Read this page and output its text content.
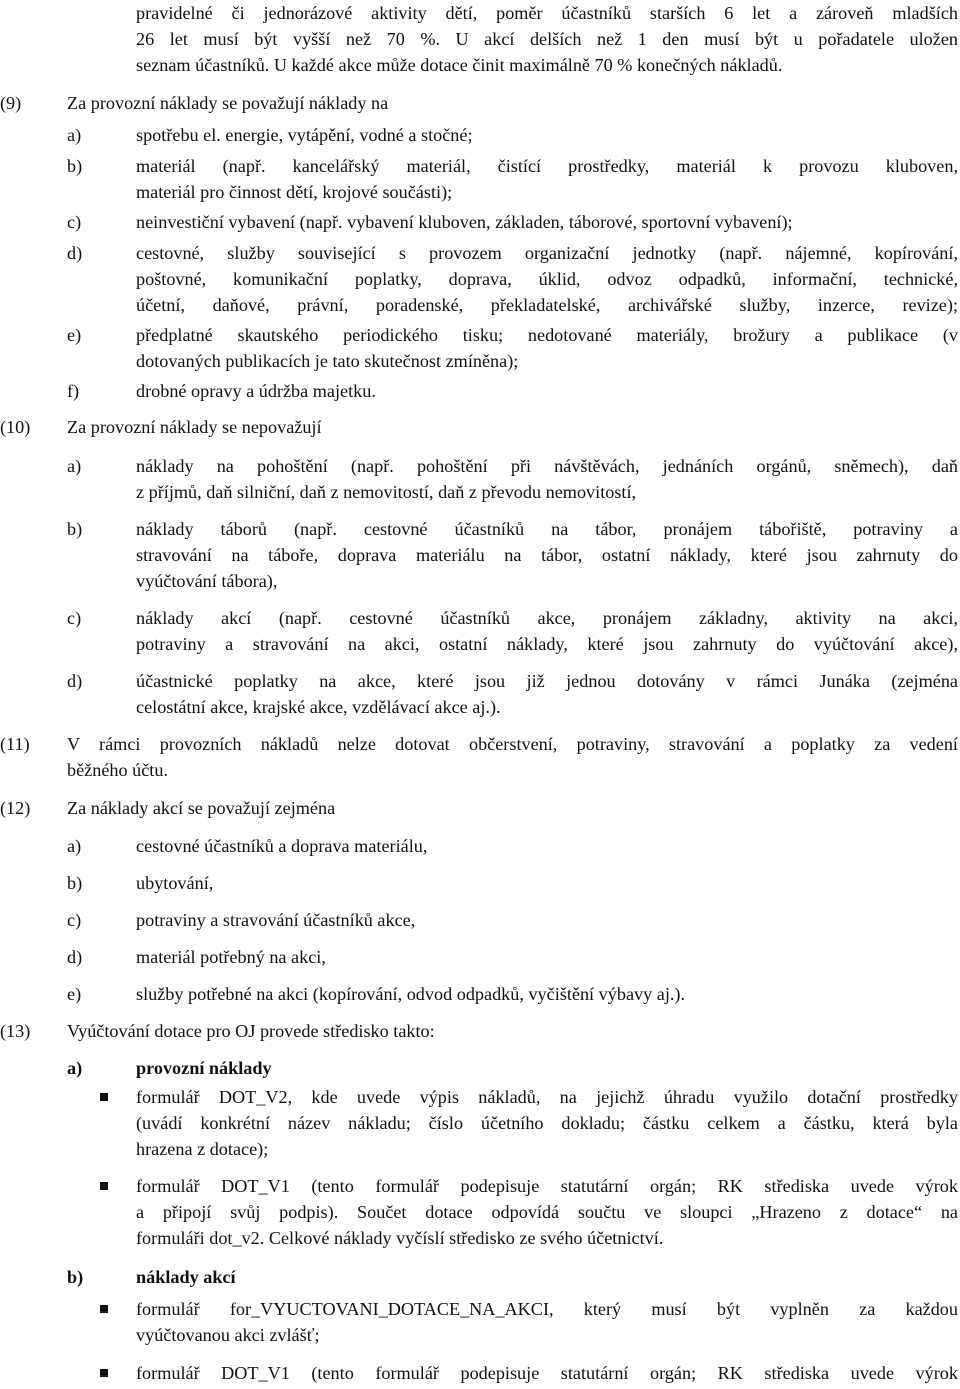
pravidelné či jednorázové aktivity dětí, poměr účastníků starších 6 let a zároveň mladších
26 let musí být vyšší než 70 %. U akcí delších než 1 den musí být u pořadatele uložen
seznam účastníků. U každé akce může dotace činit maximálně 70 % konečných nákladů.
(9)	Za provozní náklady se považují náklady na
a)	spotřebu el. energie, vytápění, vodné a stočné;
b)	materiál (např. kancelářský materiál, čistící prostředky, materiál k provozu kluboven,
materiál pro činnost dětí, krojové součásti);
c)	neinvestiční vybavení (např. vybavení kluboven, základen, táborové, sportovní vybavení);
d)	cestovné, služby související s provozem organizační jednotky (např. nájemné, kopírování,
poštovné, komunikační poplatky, doprava, úklid, odvoz odpadků, informační, technické,
účetní, daňové, právní, poradenské, překladatelské, archivářské služby, inzerce, revize);
e)	předplatné skautského periodického tisku; nedotované materiály, brožury a publikace (v
dotovaných publikacích je tato skutečnost zmíněna);
f)	drobné opravy a údržba majetku.
(10) Za provozní náklady se nepovažují
a)	náklady na pohoštění (např. pohoštění při návštěvách, jednáních orgánů, sněmech), daň
z příjmů, daň silniční, daň z nemovitostí, daň z převodu nemovitostí,
b)	náklady táborů (např. cestovné účastníků na tábor, pronájem tábořiště, potraviny a
stravování na táboře, doprava materiálu na tábor, ostatní náklady, které jsou zahrnuty do
vyúčtování tábora),
c)	náklady akcí (např. cestovné účastníků akce, pronájem základny, aktivity na akci,
potraviny a stravování na akci, ostatní náklady, které jsou zahrnuty do vyúčtování akce),
d)	účastnické poplatky na akce, které jsou již jednou dotovány v rámci Junáka (zejména
celostátní akce, krajské akce, vzdělávací akce aj.).
(11) V rámci provozních nákladů nelze dotovat občerstvení, potraviny, stravování a poplatky za vedení
běžného účtu.
(12) Za náklady akcí se považují zejména
a)	cestovné účastníků a doprava materiálu,
b)	ubytování,
c)	potraviny a stravování účastníků akce,
d)	materiál potřebný na akci,
e)	služby potřebné na akci (kopírování, odvod odpadků, vyčištění výbavy aj.).
(13) Vyúčtování dotace pro OJ provede středisko takto:
a)	provozní náklady
formulář DOT_V2, kde uvede výpis nákladů, na jejichž úhradu využilo dotační prostředky
(uvádí konkrétní název nákladu; číslo účetního dokladu; částku celkem a částku, která byla
hrazena z dotace);
formulář DOT_V1 (tento formulář podepisuje statutární orgán; RK střediska uvede výrok
a připojí svůj podpis). Součet dotace odpovídá součtu ve sloupci „Hrazeno z dotace“ na
formuláři dot_v2. Celkové náklady vyčíslí středisko ze svého účetnictví.
b)	náklady akcí
formulář for_VYUCTOVANI_DOTACE_NA_AKCI, který musí být vyplněn za každou
vyúčtovanou akci zvlášť;
formulář DOT_V1 (tento formulář podepisuje statutární orgán; RK střediska uvede výrok
